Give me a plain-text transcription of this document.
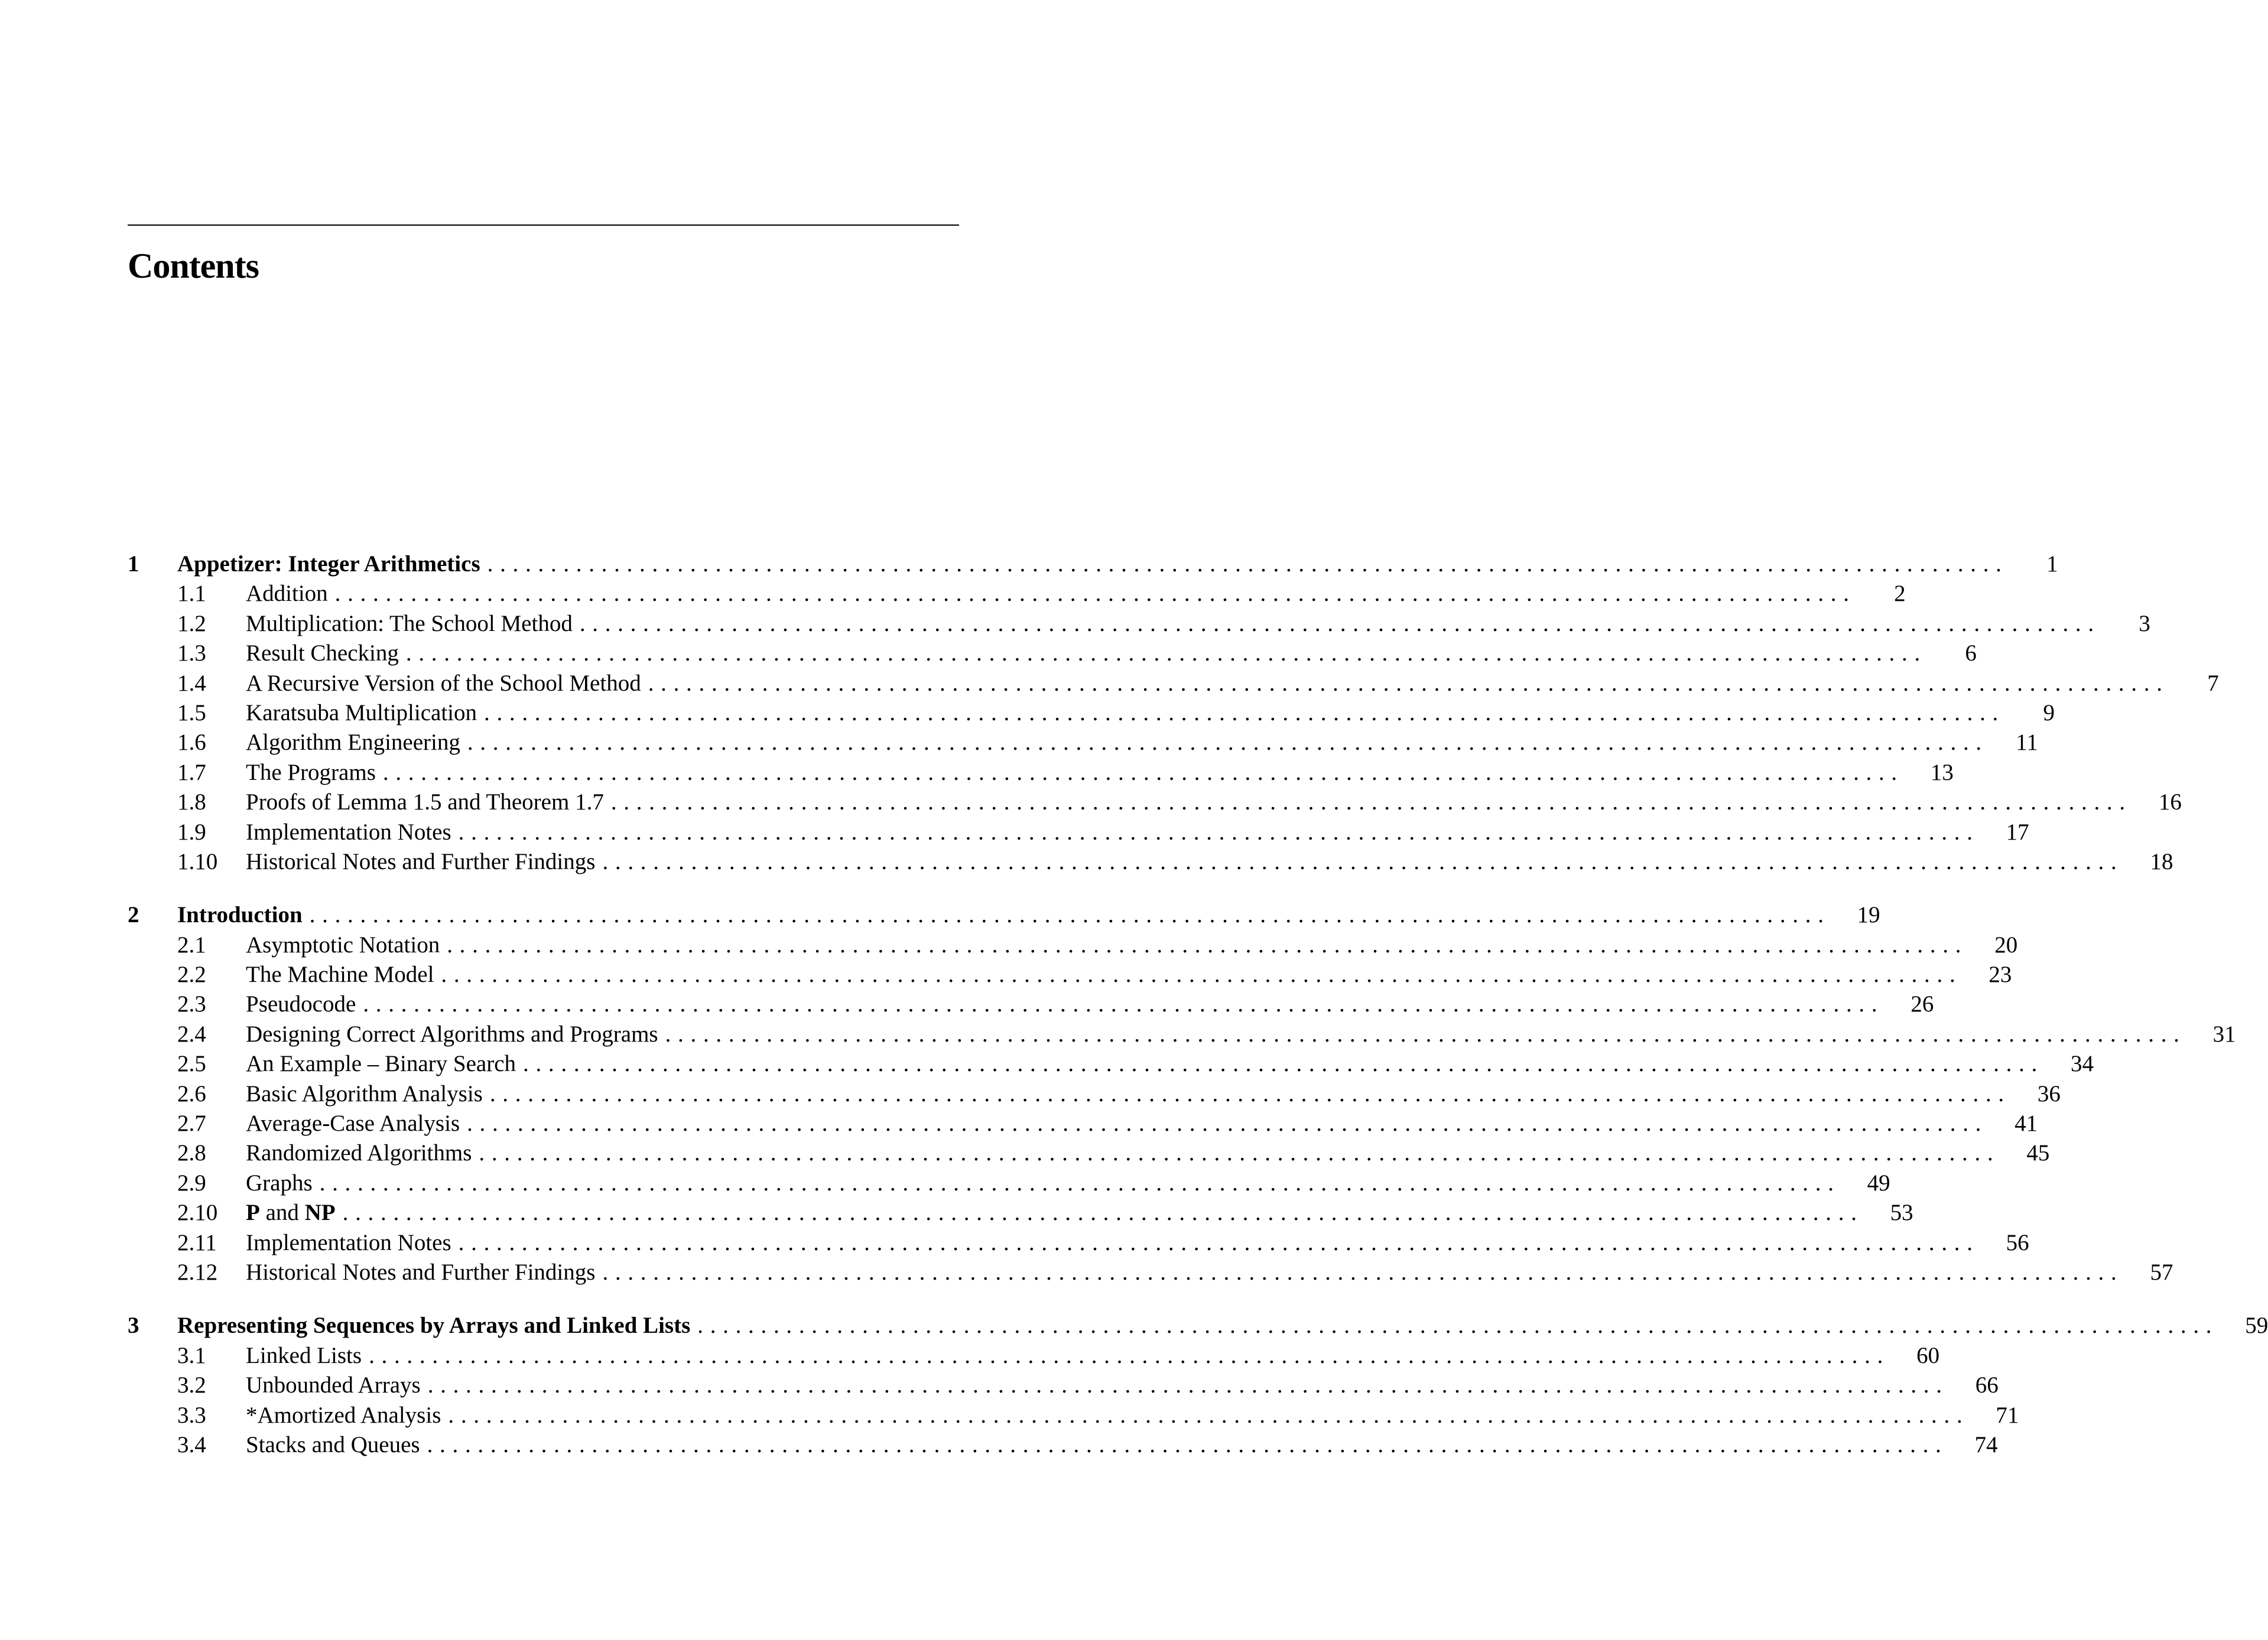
Contents
1	Appetizer: Integer Arithmetics ........................................................................................................................	1
1.1	Addition ........................................................................................................................	2
1.2	Multiplication: The School Method ........................................................................................................................	3
1.3	Result Checking ........................................................................................................................	6
1.4	A Recursive Version of the School Method ........................................................................................................................	7
1.5	Karatsuba Multiplication ........................................................................................................................	9
1.6	Algorithm Engineering ........................................................................................................................	11
1.7	The Programs ........................................................................................................................	13
1.8	Proofs of Lemma 1.5 and Theorem 1.7 ........................................................................................................................	16
1.9	Implementation Notes ........................................................................................................................	17
1.10	Historical Notes and Further Findings ........................................................................................................................	18
2	Introduction ........................................................................................................................	19
2.1	Asymptotic Notation ........................................................................................................................	20
2.2	The Machine Model ........................................................................................................................	23
2.3	Pseudocode ........................................................................................................................	26
2.4	Designing Correct Algorithms and Programs ........................................................................................................................	31
2.5	An Example – Binary Search ........................................................................................................................	34
2.6	Basic Algorithm Analysis ........................................................................................................................	36
2.7	Average-Case Analysis ........................................................................................................................	41
2.8	Randomized Algorithms ........................................................................................................................	45
2.9	Graphs ........................................................................................................................	49
2.10	P and NP ........................................................................................................................	53
2.11	Implementation Notes ........................................................................................................................	56
2.12	Historical Notes and Further Findings ........................................................................................................................	57
3	Representing Sequences by Arrays and Linked Lists ........................................................................................................................	59
3.1	Linked Lists ........................................................................................................................	60
3.2	Unbounded Arrays ........................................................................................................................	66
3.3	*Amortized Analysis ........................................................................................................................	71
3.4	Stacks and Queues ........................................................................................................................	74
